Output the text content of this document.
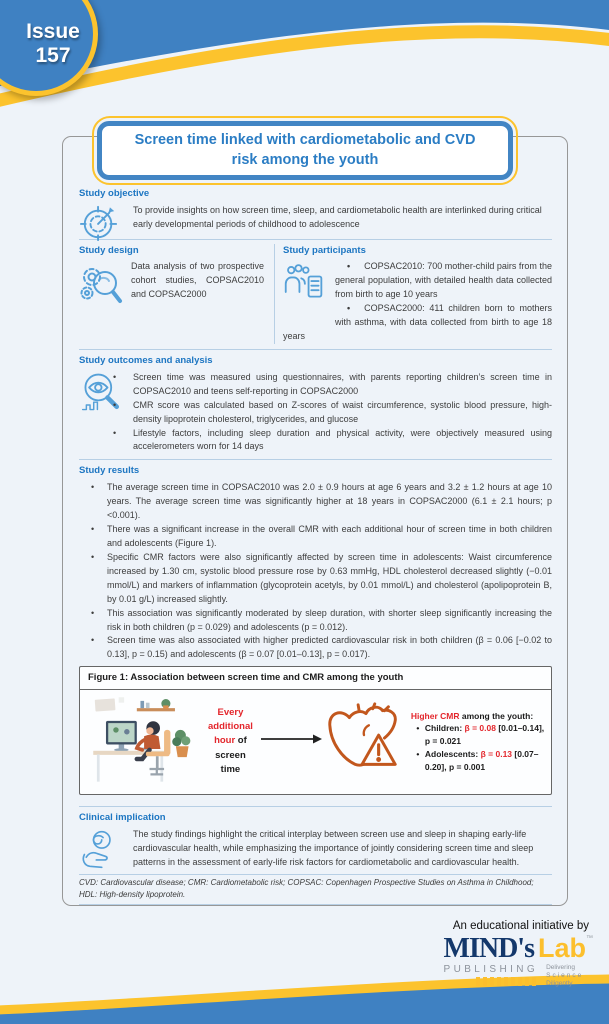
Issue
157
Screen time linked with cardiometabolic and CVD risk among the youth
Study objective
To provide insights on how screen time, sleep, and cardiometabolic health are interlinked during critical early developmental periods of childhood to adolescence
Study design
Data analysis of two prospective cohort studies, COPSAC2010 and COPSAC2000
Study participants

• COPSAC2010: 700 mother-child pairs from the general population, with detailed health data collected from birth to age 10 years

• COPSAC2000: 411 children born to mothers with asthma, with data collected from birth to age 18 years

Study outcomes and analysis
• Screen time was measured using questionnaires, with parents reporting children’s screen time in COPSAC2010 and teens self-reporting in COPSAC2000
• CMR score was calculated based on Z-scores of waist circumference, systolic blood pressure, high-density lipoprotein cholesterol, triglycerides, and glucose
• Lifestyle factors, including sleep duration and physical activity, were objectively measured using accelerometers worn for 14 days
Study results
• The average screen time in COPSAC2010 was 2.0 ± 0.9 hours at age 6 years and 3.2 ± 1.2 hours at age 10 years. The average screen time was significantly higher at 18 years in COPSAC2000 (6.1 ± 2.1 hours; p <0.001).
• There was a significant increase in the overall CMR with each additional hour of screen time in both children and adolescents (Figure 1).
• Specific CMR factors were also significantly affected by screen time in adolescents: Waist circumference increased by 1.30 cm, systolic blood pressure rose by 0.63 mmHg, HDL cholesterol decreased slightly (−0.01 mmol/L) and markers of inflammation (glycoprotein acetyls, by 0.01 mmol/L) and cholesterol (apolipoprotein B, by 0.01 g/L) increased slightly.
• This association was significantly moderated by sleep duration, with shorter sleep significantly increasing the risk in both children (p = 0.029) and adolescents (p = 0.012).
• Screen time was also associated with higher predicted cardiovascular risk in both children (β = 0.06 [−0.02 to 0.13], p = 0.15) and adolescents (β = 0.07 [0.01–0.13], p = 0.017).
Figure 1: Association between screen time and CMR among the youth
Every additional
hour of screen time
Higher CMR among the youth:
• Children: β = 0.08 [0.01–0.14], p = 0.021
• Adolescents: β = 0.13 [0.07–0.20], p = 0.001
Clinical implication
The study findings highlight the critical interplay between screen use and sleep in shaping early-life cardiovascular health, while emphasizing the importance of jointly considering screen time and sleep patterns in the assessment of early-life risk factors for cardiometabolic and cardiovascular health.
CVD: Cardiovascular disease; CMR: Cardiometabolic risk; COPSAC: Copenhagen Prospective Studies on Asthma in Childhood; HDL: High-density lipoprotein.
An educational initiative by
MIND's Lab™
PUBLISHING Delivering
Science
Diligently
